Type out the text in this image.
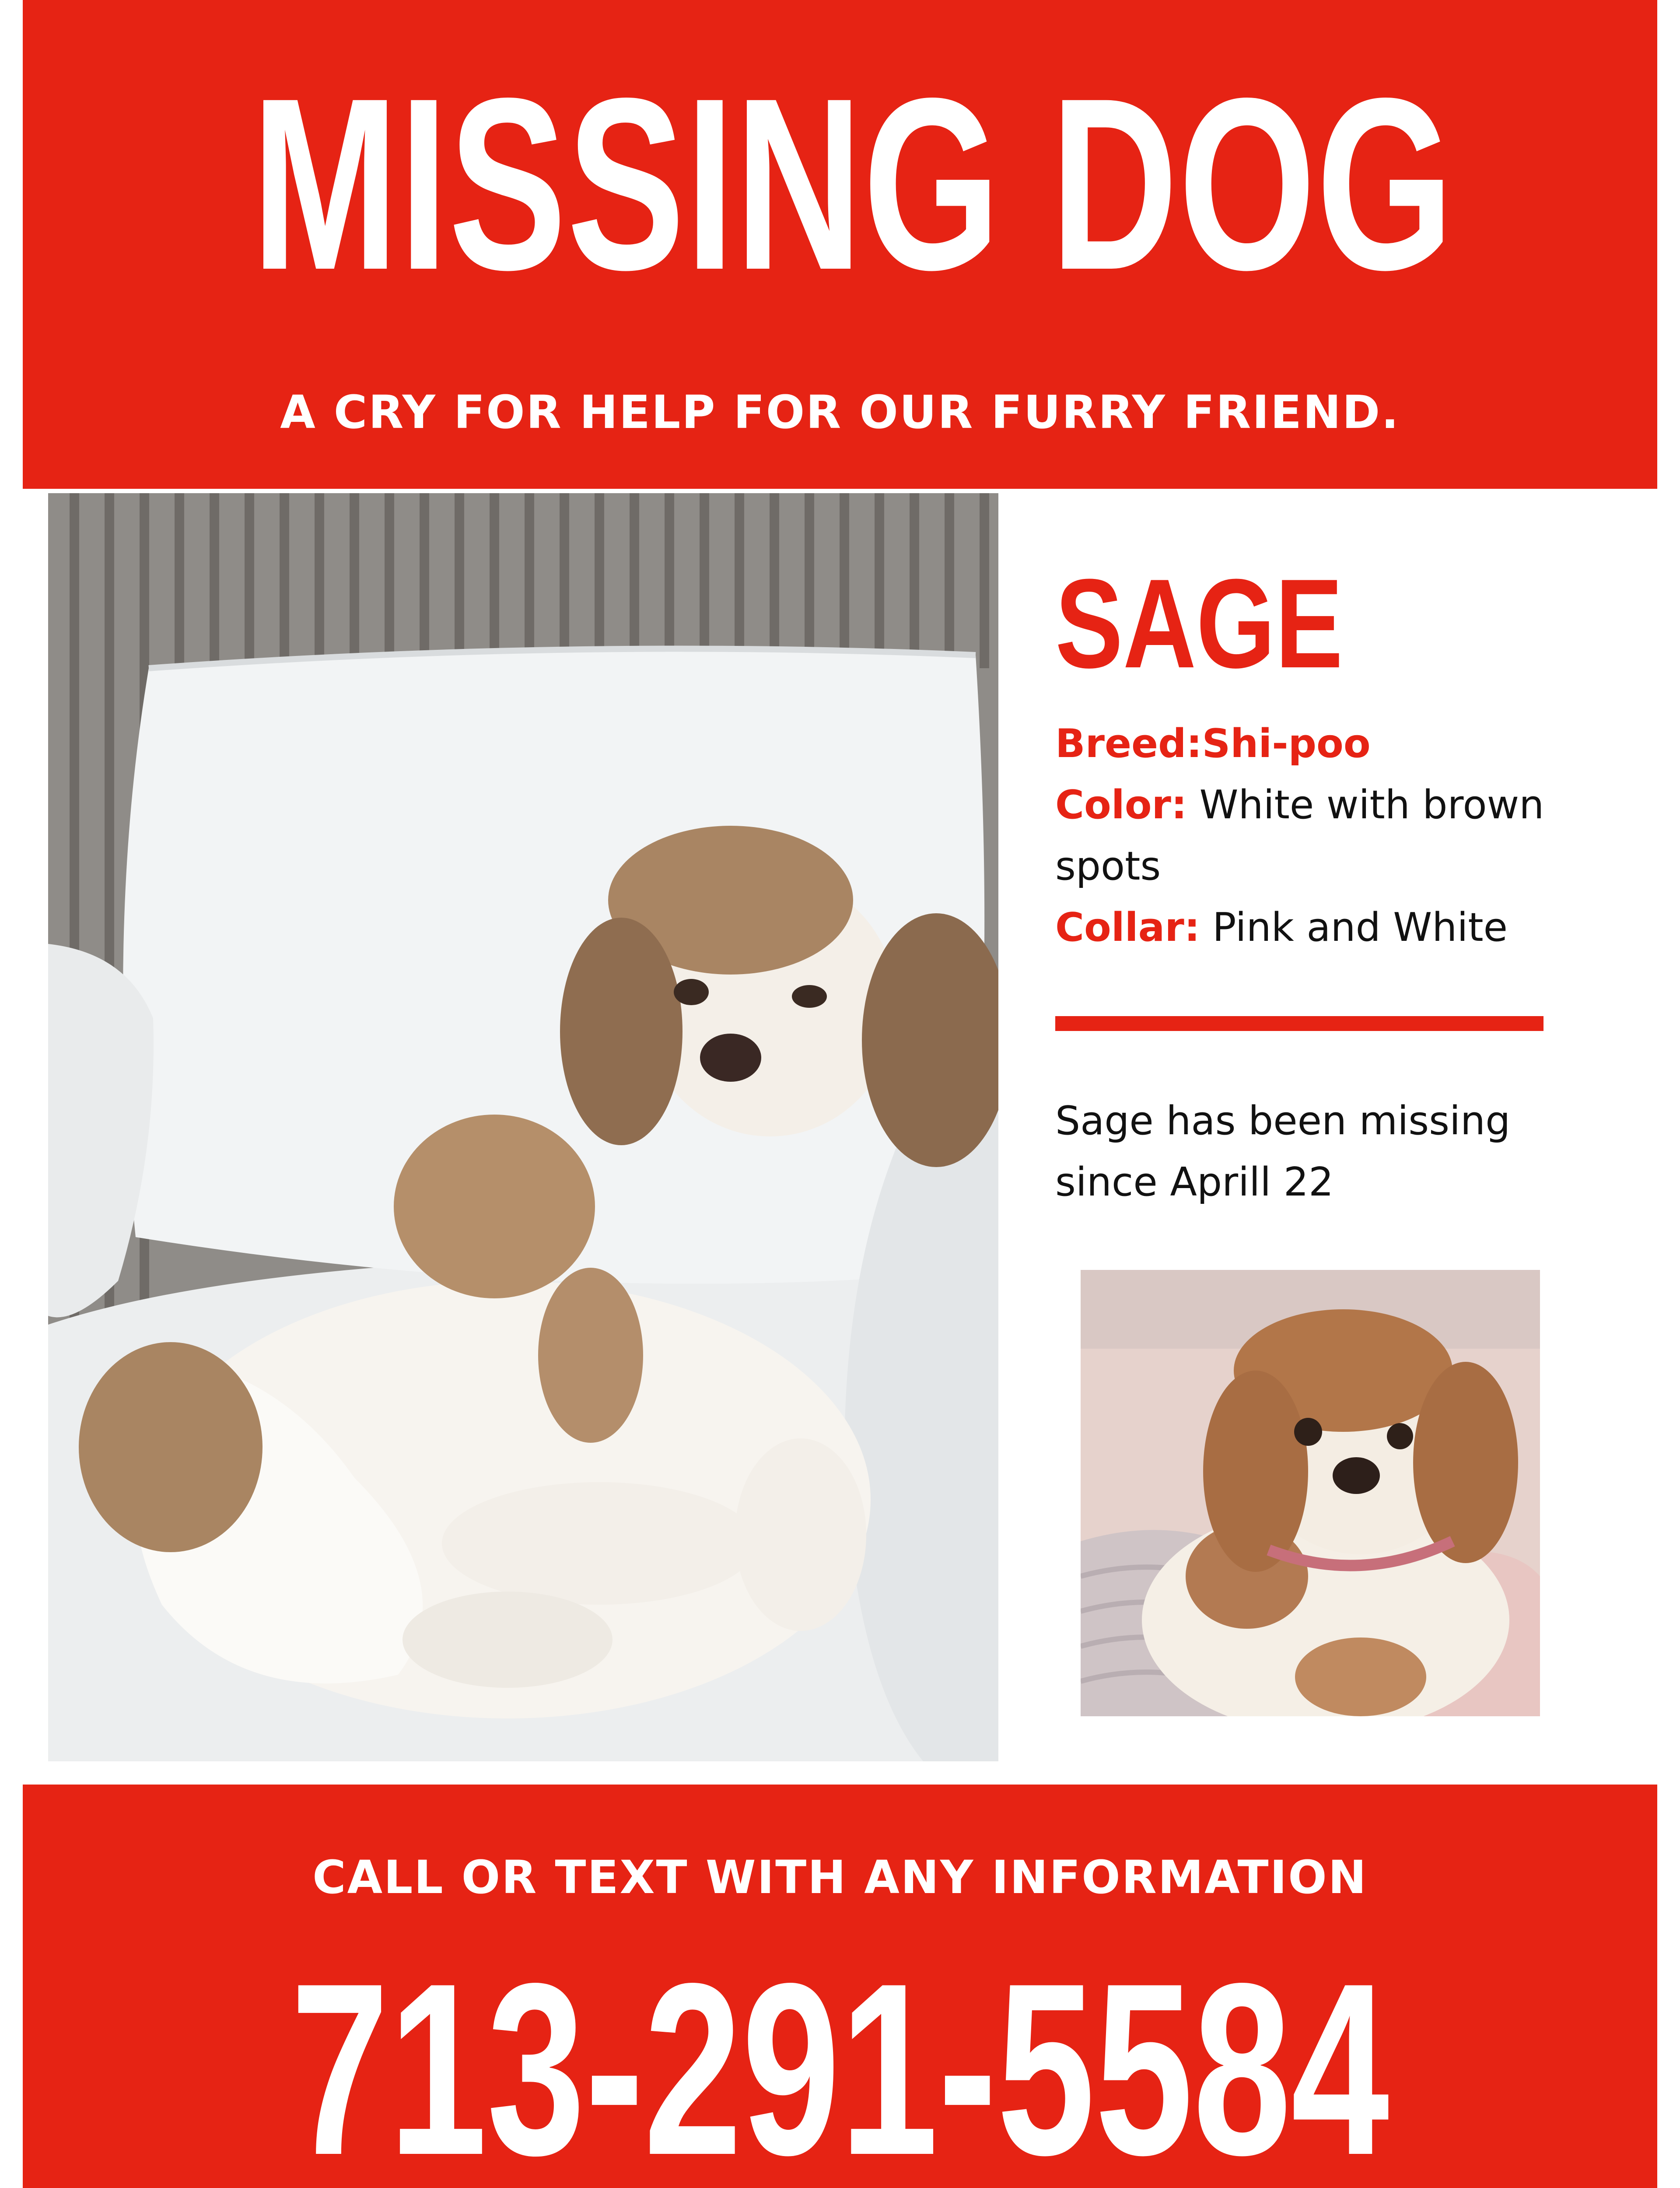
MISSING DOG
A CRY FOR HELP FOR OUR FURRY FRIEND.
SAGE
Breed:Shi-poo
Color: White with brown spots
Collar: Pink and White
Sage has been missing since Aprill 22
CALL OR TEXT WITH ANY INFORMATION
713-291-5584
